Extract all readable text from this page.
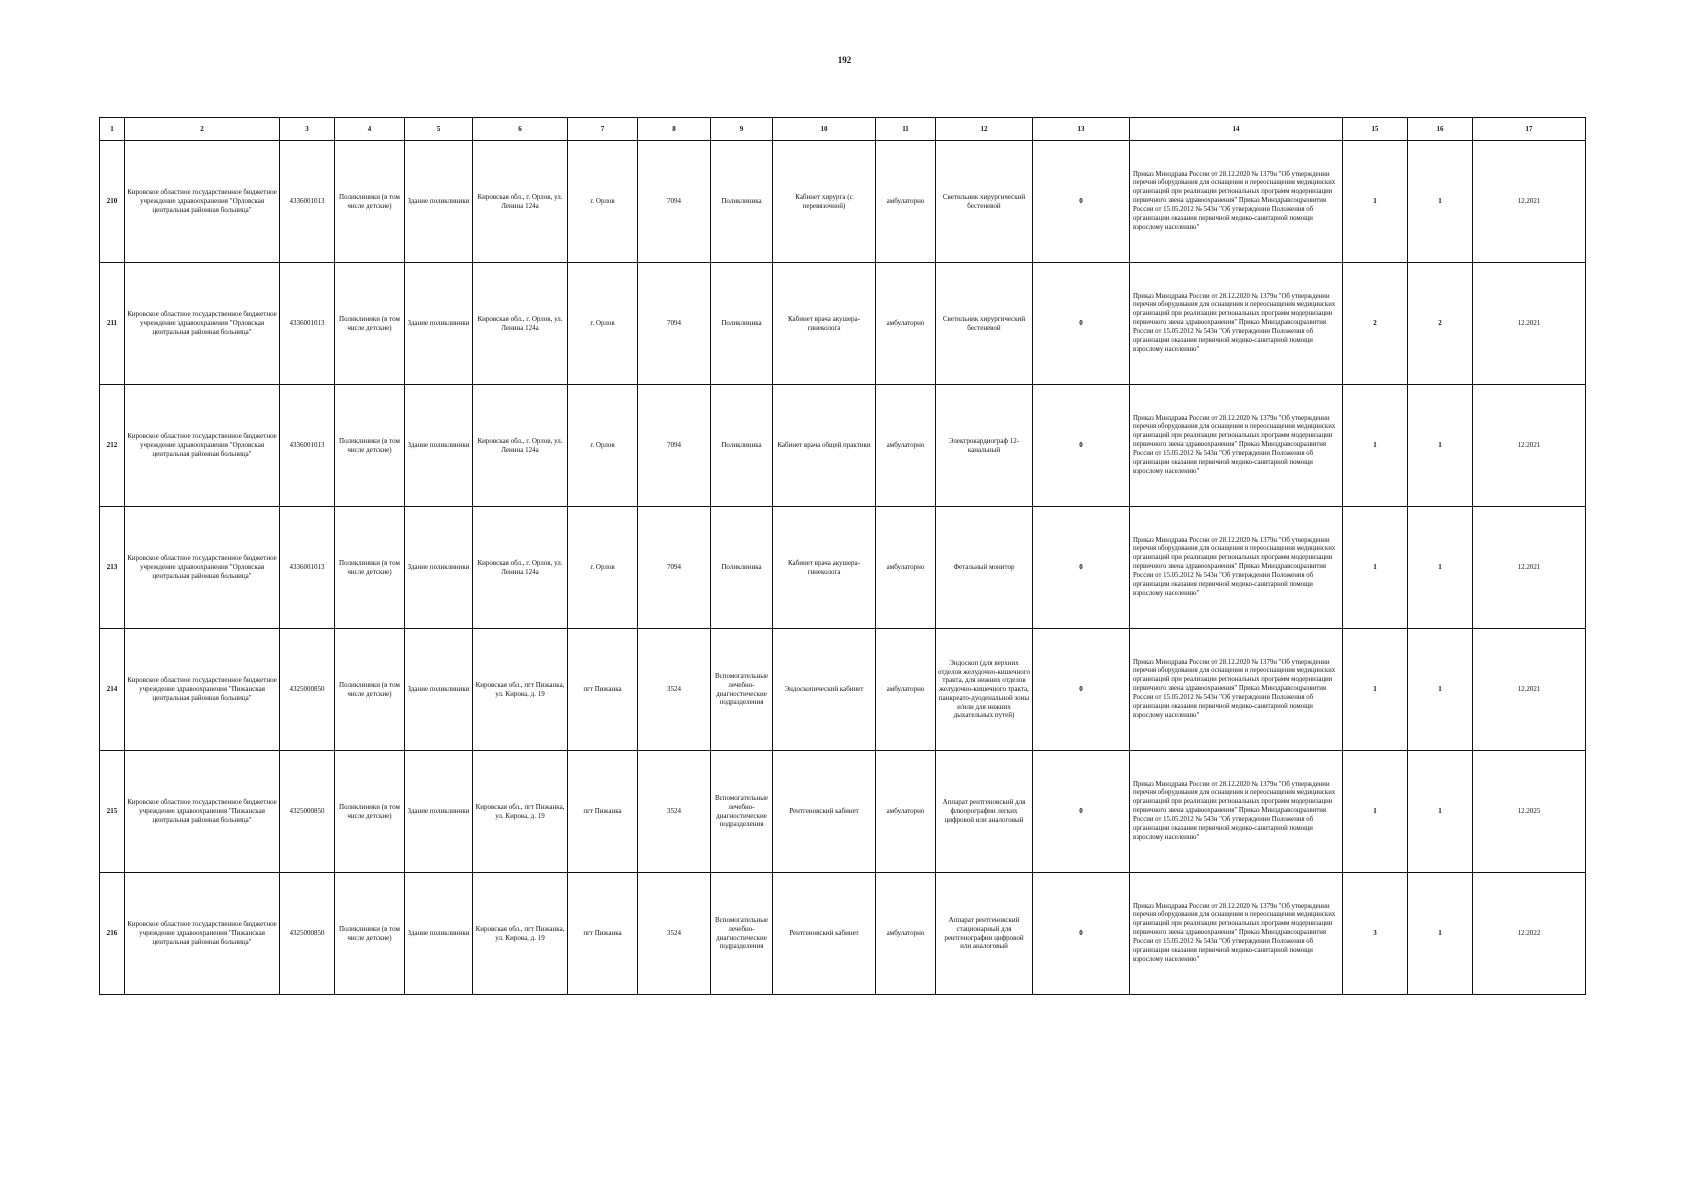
192
1	2	3	4	5	6	7	8	9	10	11	12	13	14	15	16	17
210	Кировское областное государственное бюджетное учреждение здравоохранения "Орловская центральная районная больница"	4336001013	Поликлиники (в том числе детские)	Здание поликлиники	Кировская обл., г. Орлов, ул. Ленина 124а	г. Орлов	7094	Поликлиника	Кабинет хирурга (с перевязочной)	амбулаторно	Светильник хирургический бестеневой	0	Приказ Минздрава России от 28.12.2020 № 1379н "Об утверждении перечня оборудования для оснащения и переоснащения медицинских организаций при реализации региональных программ модернизации первичного звена здравоохранения" Приказ Минздравсоцразвития России от 15.05.2012 № 543н "Об утверждении Положения об организации оказания первичной медико-санитарной помощи взрослому населению"	1	1	12.2021
211	Кировское областное государственное бюджетное учреждение здравоохранения "Орловская центральная районная больница"	4336001013	Поликлиники (в том числе детские)	Здание поликлиники	Кировская обл., г. Орлов, ул. Ленина 124а	г. Орлов	7094	Поликлиника	Кабинет врача акушера-гинеколога	амбулаторно	Светильник хирургический бестеневой	0	Приказ Минздрава России от 28.12.2020 № 1379н "Об утверждении перечня оборудования для оснащения и переоснащения медицинских организаций при реализации региональных программ модернизации первичного звена здравоохранения" Приказ Минздравсоцразвития России от 15.05.2012 № 543н "Об утверждении Положения об организации оказания первичной медико-санитарной помощи взрослому населению"	2	2	12.2021
212	Кировское областное государственное бюджетное учреждение здравоохранения "Орловская центральная районная больница"	4336001013	Поликлиники (в том числе детские)	Здание поликлиники	Кировская обл., г. Орлов, ул. Ленина 124а	г. Орлов	7094	Поликлиника	Кабинет врача общей практики	амбулаторно	Электрокардиограф 12-канальный	0	Приказ Минздрава России от 28.12.2020 № 1379н "Об утверждении перечня оборудования для оснащения и переоснащения медицинских организаций при реализации региональных программ модернизации первичного звена здравоохранения" Приказ Минздравсоцразвития России от 15.05.2012 № 543н "Об утверждении Положения об организации оказания первичной медико-санитарной помощи взрослому населению"	1	1	12.2021
213	Кировское областное государственное бюджетное учреждение здравоохранения "Орловская центральная районная больница"	4336001013	Поликлиники (в том числе детские)	Здание поликлиники	Кировская обл., г. Орлов, ул. Ленина 124а	г. Орлов	7094	Поликлиника	Кабинет врача акушера-гинеколога	амбулаторно	Фетальный монитор	0	Приказ Минздрава России от 28.12.2020 № 1379н "Об утверждении перечня оборудования для оснащения и переоснащения медицинских организаций при реализации региональных программ модернизации первичного звена здравоохранения" Приказ Минздравсоцразвития России от 15.05.2012 № 543н "Об утверждении Положения об организации оказания первичной медико-санитарной помощи взрослому населению"	1	1	12.2021
214	Кировское областное государственное бюджетное учреждение здравоохранения "Пижанская центральная районная больница"	4325000850	Поликлиники (в том числе детские)	Здание поликлиники	Кировская обл., пгт Пижанка, ул. Кирова, д. 19	пгт Пижанка	3524	Вспомогательные лечебно-диагностические подразделения	Эндоскопический кабинет	амбулаторно	Эндоскоп (для верхних отделов желудочно-кишечного тракта, для нижних отделов желудочно-кишечного тракта, панкреато-дуоденальной зоны и/или для нижних дыхательных путей)	0	Приказ Минздрава России от 28.12.2020 № 1379н "Об утверждении перечня оборудования для оснащения и переоснащения медицинских организаций при реализации региональных программ модернизации первичного звена здравоохранения" Приказ Минздравсоцразвития России от 15.05.2012 № 543н "Об утверждении Положения об организации оказания первичной медико-санитарной помощи взрослому населению"	1	1	12.2021
215	Кировское областное государственное бюджетное учреждение здравоохранения "Пижанская центральная районная больница"	4325000850	Поликлиники (в том числе детские)	Здание поликлиники	Кировская обл., пгт Пижанка, ул. Кирова, д. 19	пгт Пижанка	3524	Вспомогательные лечебно-диагностические подразделения	Рентгеновский кабинет	амбулаторно	Аппарат рентгеновский для флюорографии легких цифровой или аналоговый	0	Приказ Минздрава России от 28.12.2020 № 1379н "Об утверждении перечня оборудования для оснащения и переоснащения медицинских организаций при реализации региональных программ модернизации первичного звена здравоохранения" Приказ Минздравсоцразвития России от 15.05.2012 № 543н "Об утверждении Положения об организации оказания первичной медико-санитарной помощи взрослому населению"	1	1	12.2025
216	Кировское областное государственное бюджетное учреждение здравоохранения "Пижанская центральная районная больница"	4325000850	Поликлиники (в том числе детские)	Здание поликлиники	Кировская обл., пгт Пижанка, ул. Кирова, д. 19	пгт Пижанка	3524	Вспомогательные лечебно-диагностические подразделения	Рентгеновский кабинет	амбулаторно	Аппарат рентгеновский стационарный для рентгенографии цифровой или аналоговый	0	Приказ Минздрава России от 28.12.2020 № 1379н "Об утверждении перечня оборудования для оснащения и переоснащения медицинских организаций при реализации региональных программ модернизации первичного звена здравоохранения" Приказ Минздравсоцразвития России от 15.05.2012 № 543н "Об утверждении Положения об организации оказания первичной медико-санитарной помощи взрослому населению"	3	1	12.2022
